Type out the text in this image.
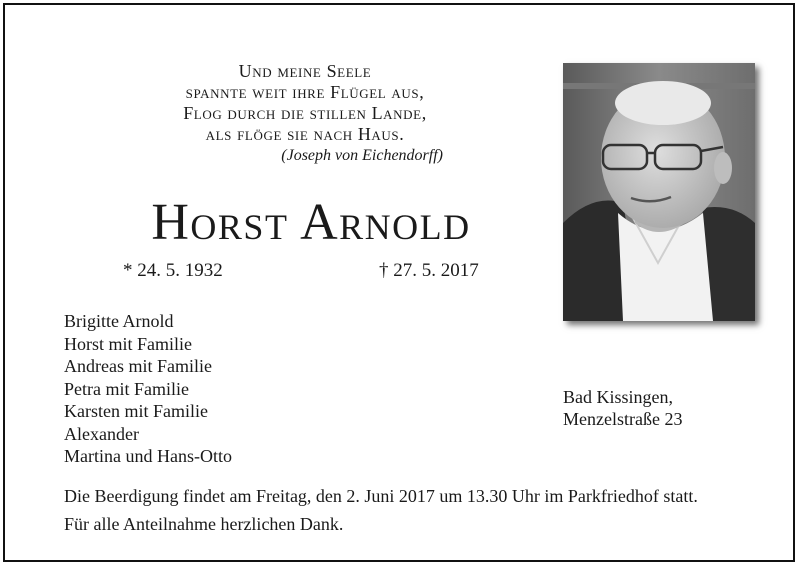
Und meine Seele
spannte weit ihre Flügel aus,
Flog durch die stillen Lande,
als flöge sie nach Haus.
(Joseph von Eichendorff)
Horst Arnold
* 24. 5. 1932	† 27. 5. 2017
Brigitte Arnold
Horst mit Familie
Andreas mit Familie
Petra mit Familie
Karsten mit Familie
Alexander
Martina und Hans-Otto
Bad Kissingen,
Menzelstraße 23
Die Beerdigung findet am Freitag, den 2. Juni 2017 um 13.30 Uhr im Parkfriedhof statt.
Für alle Anteilnahme herzlichen Dank.
